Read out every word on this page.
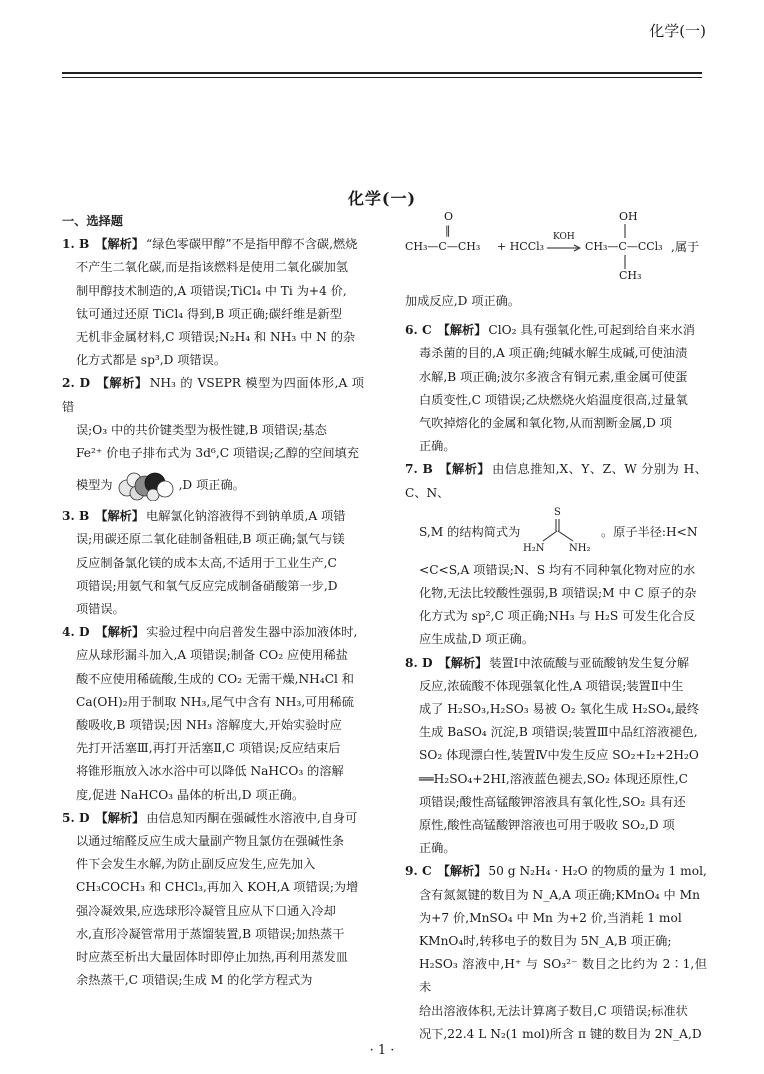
化学(一)
化学(一)

一、选择题

1. B 【解析】 “绿色零碳甲醇”不是指甲醇不含碳,燃烧

不产生二氧化碳,而是指该燃料是使用二氧化碳加氢

制甲醇技术制造的,A 项错误;TiCl₄ 中 Ti 为+4 价,

钛可通过还原 TiCl₄ 得到,B 项正确;碳纤维是新型

无机非金属材料,C 项错误;N₂H₄ 和 NH₃ 中 N 的杂

化方式都是 sp³,D 项错误。

2. D 【解析】 NH₃ 的 VSEPR 模型为四面体形,A 项错

误;O₃ 中的共价键类型为极性键,B 项错误;基态

Fe²⁺ 价电子排布式为 3d⁶,C 项错误;乙醇的空间填充

模型为	,D 项正确。

3. B 【解析】 电解氯化钠溶液得不到钠单质,A 项错

误;用碳还原二氧化硅制备粗硅,B 项正确;氯气与镁

反应制备氯化镁的成本太高,不适用于工业生产,C

项错误;用氨气和氧气反应完成制备硝酸第一步,D

项错误。

4. D 【解析】 实验过程中向启普发生器中添加液体时,

应从球形漏斗加入,A 项错误;制备 CO₂ 应使用稀盐

酸不应使用稀硫酸,生成的 CO₂ 无需干燥,NH₄Cl 和

Ca(OH)₂用于制取 NH₃,尾气中含有 NH₃,可用稀硫

酸吸收,B 项错误;因 NH₃ 溶解度大,开始实验时应

先打开活塞Ⅲ,再打开活塞Ⅱ,C 项错误;反应结束后

将锥形瓶放入冰水浴中可以降低 NaHCO₃ 的溶解

度,促进 NaHCO₃ 晶体的析出,D 项正确。

5. D 【解析】 由信息知丙酮在强碱性水溶液中,自身可

以通过缩醛反应生成大量副产物且氯仿在强碱性条

件下会发生水解,为防止副反应发生,应先加入

CH₃COCH₃ 和 CHCl₃,再加入 KOH,A 项错误;为增

强冷凝效果,应选球形冷凝管且应从下口通入冷却

水,直形冷凝管常用于蒸馏装置,B 项错误;加热蒸干

时应蒸至析出大量固体时即停止加热,再利用蒸发皿

余热蒸干,C 项错误;生成 M 的化学方程式为

O
‖
CH₃—C—CH₃ + HCCl₃
KOH
OH
CH₃—C—CCl₃
CH₃
,属于

加成反应,D 项正确。

6. C 【解析】 ClO₂ 具有强氧化性,可起到给自来水消

毒杀菌的目的,A 项正确;纯碱水解生成碱,可使油渍

水解,B 项正确;波尔多液含有铜元素,重金属可使蛋

白质变性,C 项错误;乙炔燃烧火焰温度很高,过量氧

气吹掉熔化的金属和氧化物,从而割断金属,D 项

正确。

7. B 【解析】 由信息推知,X、Y、Z、W 分别为 H、C、N、

S,M 的结构简式为
S
H₂N NH₂
。原子半径:H<N

<C<S,A 项错误;N、S 均有不同种氧化物对应的水

化物,无法比较酸性强弱,B 项错误;M 中 C 原子的杂

化方式为 sp²,C 项正确;NH₃ 与 H₂S 可发生化合反

应生成盐,D 项正确。

8. D 【解析】 装置Ⅰ中浓硫酸与亚硫酸钠发生复分解

反应,浓硫酸不体现强氧化性,A 项错误;装置Ⅱ中生

成了 H₂SO₃,H₂SO₃ 易被 O₂ 氧化生成 H₂SO₄,最终

生成 BaSO₄ 沉淀,B 项错误;装置Ⅲ中品红溶液褪色,

SO₂ 体现漂白性,装置Ⅳ中发生反应 SO₂+I₂+2H₂O

══H₂SO₄+2HI,溶液蓝色褪去,SO₂ 体现还原性,C

项错误;酸性高锰酸钾溶液具有氧化性,SO₂ 具有还

原性,酸性高锰酸钾溶液也可用于吸收 SO₂,D 项

正确。

9. C 【解析】 50 g N₂H₄ · H₂O 的物质的量为 1 mol,

含有氮氮键的数目为 N_A,A 项正确;KMnO₄ 中 Mn

为+7 价,MnSO₄ 中 Mn 为+2 价,当消耗 1 mol

KMnO₄时,转移电子的数目为 5N_A,B 项正确;

H₂SO₃ 溶液中,H⁺ 与 SO₃²⁻ 数目之比约为 2∶1,但未

给出溶液体积,无法计算离子数目,C 项错误;标准状

况下,22.4 L N₂(1 mol)所含 π 键的数目为 2N_A,D

· 1 ·
